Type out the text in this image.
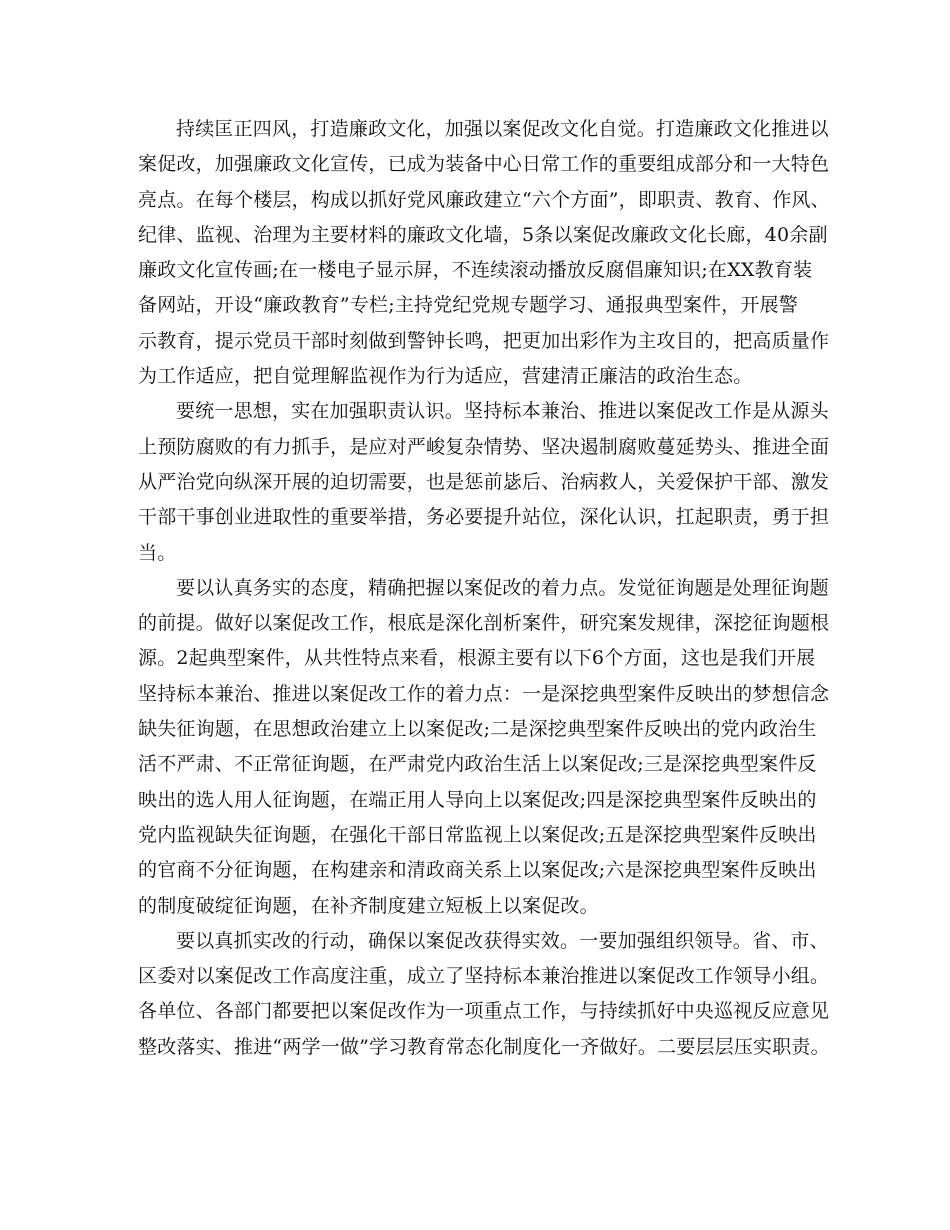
持续匡正四风，打造廉政文化，加强以案促改文化自觉。打造廉政文化推进以
案促改，加强廉政文化宣传，已成为装备中心日常工作的重要组成部分和一大特色
亮点。在每个楼层，构成以抓好党风廉政建立“六个方面”，即职责、教育、作风、
纪律、监视、治理为主要材料的廉政文化墙，5条以案促改廉政文化长廊，40余副
廉政文化宣传画;在一楼电子显示屏，不连续滚动播放反腐倡廉知识;在XX教育装
备网站，开设“廉政教育”专栏;主持党纪党规专题学习、通报典型案件，开展警
示教育，提示党员干部时刻做到警钟长鸣，把更加出彩作为主攻目的，把高质量作
为工作适应，把自觉理解监视作为行为适应，营建清正廉洁的政治生态。
要统一思想，实在加强职责认识。坚持标本兼治、推进以案促改工作是从源头
上预防腐败的有力抓手，是应对严峻复杂情势、坚决遏制腐败蔓延势头、推进全面
从严治党向纵深开展的迫切需要，也是惩前毖后、治病救人，关爱保护干部、激发
干部干事创业进取性的重要举措，务必要提升站位，深化认识，扛起职责，勇于担
当。
要以认真务实的态度，精确把握以案促改的着力点。发觉征询题是处理征询题
的前提。做好以案促改工作，根底是深化剖析案件，研究案发规律，深挖征询题根
源。2起典型案件，从共性特点来看，根源主要有以下6个方面，这也是我们开展
坚持标本兼治、推进以案促改工作的着力点：一是深挖典型案件反映出的梦想信念
缺失征询题，在思想政治建立上以案促改;二是深挖典型案件反映出的党内政治生
活不严肃、不正常征询题，在严肃党内政治生活上以案促改;三是深挖典型案件反
映出的选人用人征询题，在端正用人导向上以案促改;四是深挖典型案件反映出的
党内监视缺失征询题，在强化干部日常监视上以案促改;五是深挖典型案件反映出
的官商不分征询题，在构建亲和清政商关系上以案促改;六是深挖典型案件反映出
的制度破绽征询题，在补齐制度建立短板上以案促改。
要以真抓实改的行动，确保以案促改获得实效。一要加强组织领导。省、市、
区委对以案促改工作高度注重，成立了坚持标本兼治推进以案促改工作领导小组。
各单位、各部门都要把以案促改作为一项重点工作，与持续抓好中央巡视反应意见
整改落实、推进“两学一做”学习教育常态化制度化一齐做好。二要层层压实职责。
